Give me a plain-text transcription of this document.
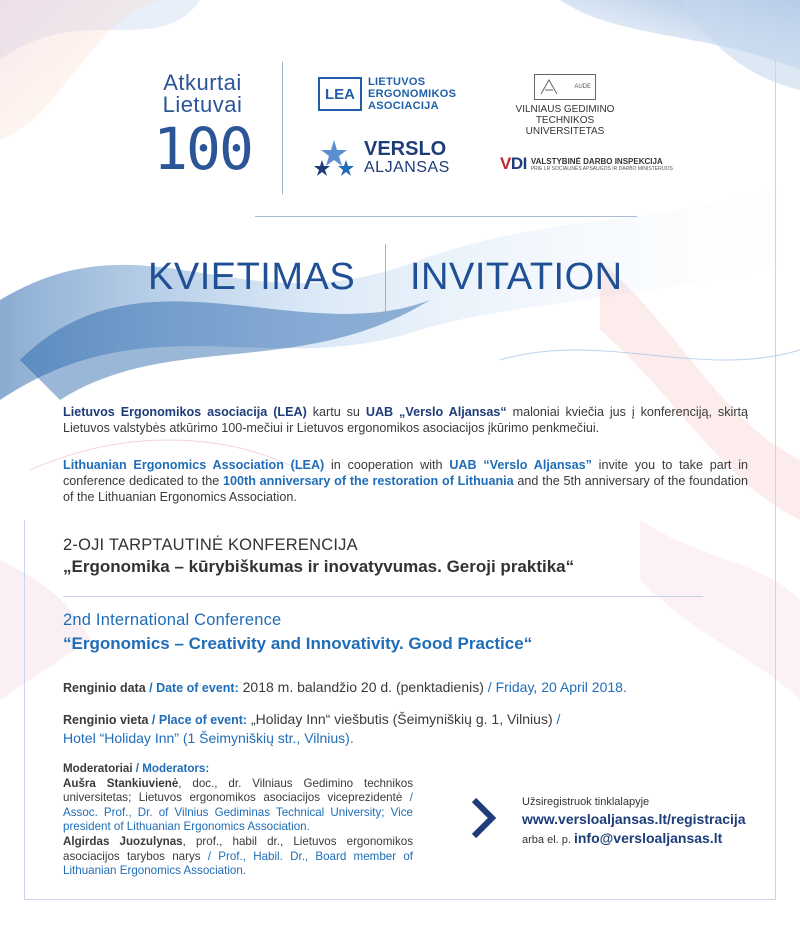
Atkurtai
Lietuvai
100
LEA
LIETUVOS
ERGONOMIKOS
ASOCIACIJA
AUDE
VILNIAUS GEDIMINO
TECHNIKOS UNIVERSITETAS
VERSLO
ALJANSAS	VDI VALSTYBINĖ DARBO INSPEKCIJA
PRIE LR SOCIALINĖS APSAUGOS IR DARBO MINISTERIJOS
KVIETIMAS INVITATION
Lietuvos Ergonomikos asociacija (LEA) kartu su UAB „Verslo Aljansas“ maloniai kviečia jus į konferenciją, skirtą Lietuvos valstybės atkūrimo 100-mečiui ir Lietuvos ergonomikos asociacijos įkūrimo penkmečiui.
Lithuanian Ergonomics Association (LEA) in cooperation with UAB “Verslo Aljansas” invite you to take part in conference dedicated to the 100th anniversary of the restoration of Lithuania and the 5th anniversary of the foundation of the Lithuanian Ergonomics Association.
2-OJI TARPTAUTINĖ KONFERENCIJA
„Ergonomika – kūrybiškumas ir inovatyvumas. Geroji praktika“
2nd International Conference
“Ergonomics – Creativity and Innovativity. Good Practice“
Renginio data / Date of event: 2018 m. balandžio 20 d. (penktadienis) / Friday, 20 April 2018.
Renginio vieta / Place of event: „Holiday Inn“ viešbutis (Šeimyniškių g. 1, Vilnius) /
Hotel “Holiday Inn” (1 Šeimyniškių str., Vilnius).
Moderatoriai / Moderators:
Aušra Stankiuvienė, doc., dr. Vilniaus Gedimino technikos universitetas; Lietuvos ergonomikos asociacijos viceprezidentė / Assoc. Prof., Dr. of Vilnius Gediminas Technical University; Vice president of Lithuanian Ergonomics Association.
Algirdas Juozulynas, prof., habil dr., Lietuvos ergonomikos asociacijos tarybos narys / Prof., Habil. Dr., Board member of Lithuanian Ergonomics Association.
Užsiregistruok tinklalapyje
www.versloaljansas.lt/registracija
arba el. p. info@versloaljansas.lt
